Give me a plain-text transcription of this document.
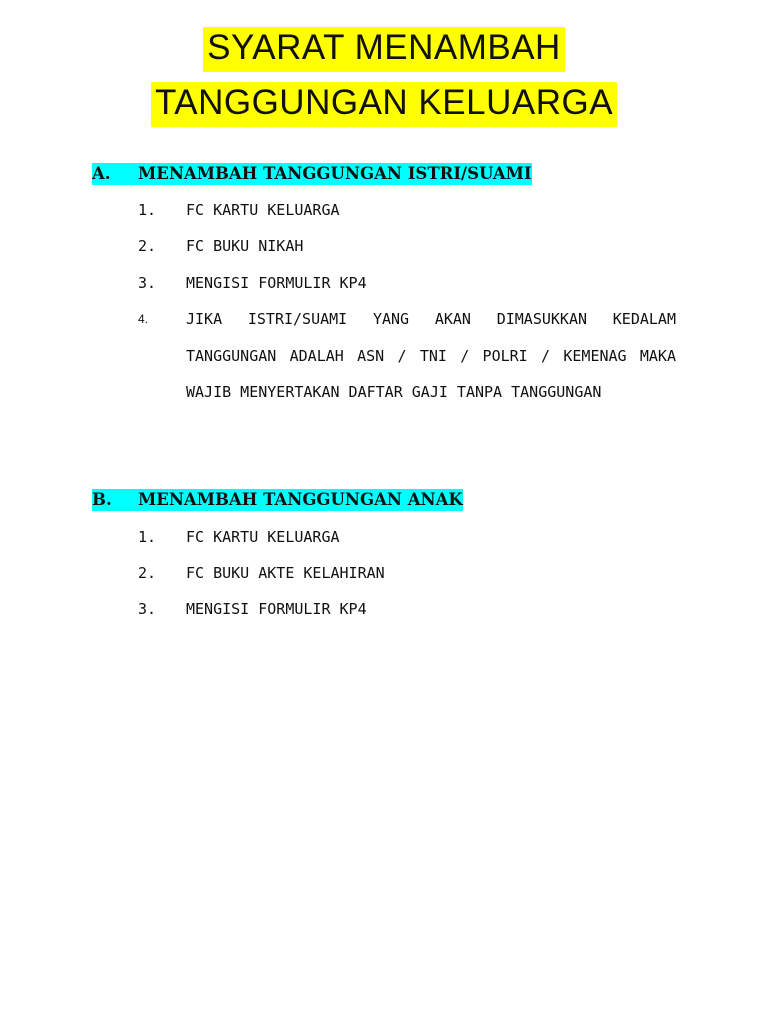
SYARAT MENAMBAH
TANGGUNGAN KELUARGA
A. MENAMBAH TANGGUNGAN ISTRI/SUAMI
1.	FC KARTU KELUARGA
2.	FC BUKU NIKAH
3.	MENGISI FORMULIR KP4
4.	JIKA ISTRI/SUAMI YANG AKAN DIMASUKKAN KEDALAM TANGGUNGAN ADALAH ASN / TNI / POLRI / KEMENAG MAKA WAJIB MENYERTAKAN DAFTAR GAJI TANPA TANGGUNGAN
B. MENAMBAH TANGGUNGAN ANAK
1.	FC KARTU KELUARGA
2.	FC BUKU AKTE KELAHIRAN
3.	MENGISI FORMULIR KP4
